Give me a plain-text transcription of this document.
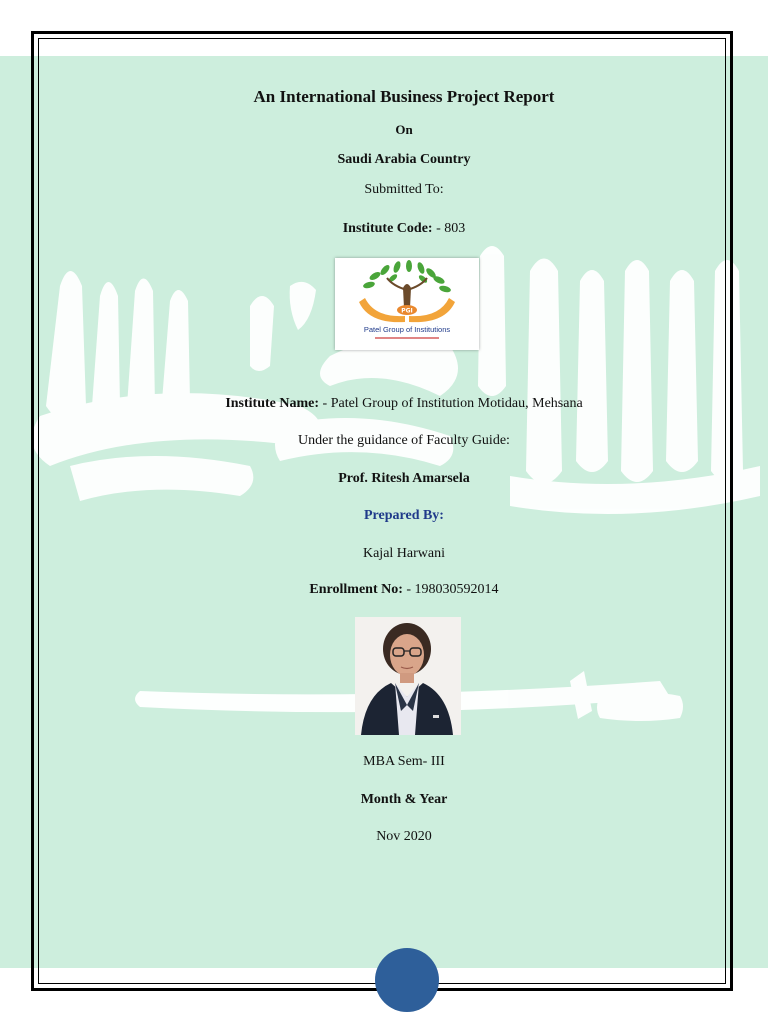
An International Business Project Report
On
Saudi Arabia Country
Submitted To:
Institute Code: - 803
Institute Name: - Patel Group of Institution Motidau, Mehsana
Under the guidance of Faculty Guide:
Prof. Ritesh Amarsela
Prepared By:
Kajal Harwani
Enrollment No: - 198030592014
MBA Sem- III
Month & Year
Nov 2020
PGI
Patel Group of Institutions
